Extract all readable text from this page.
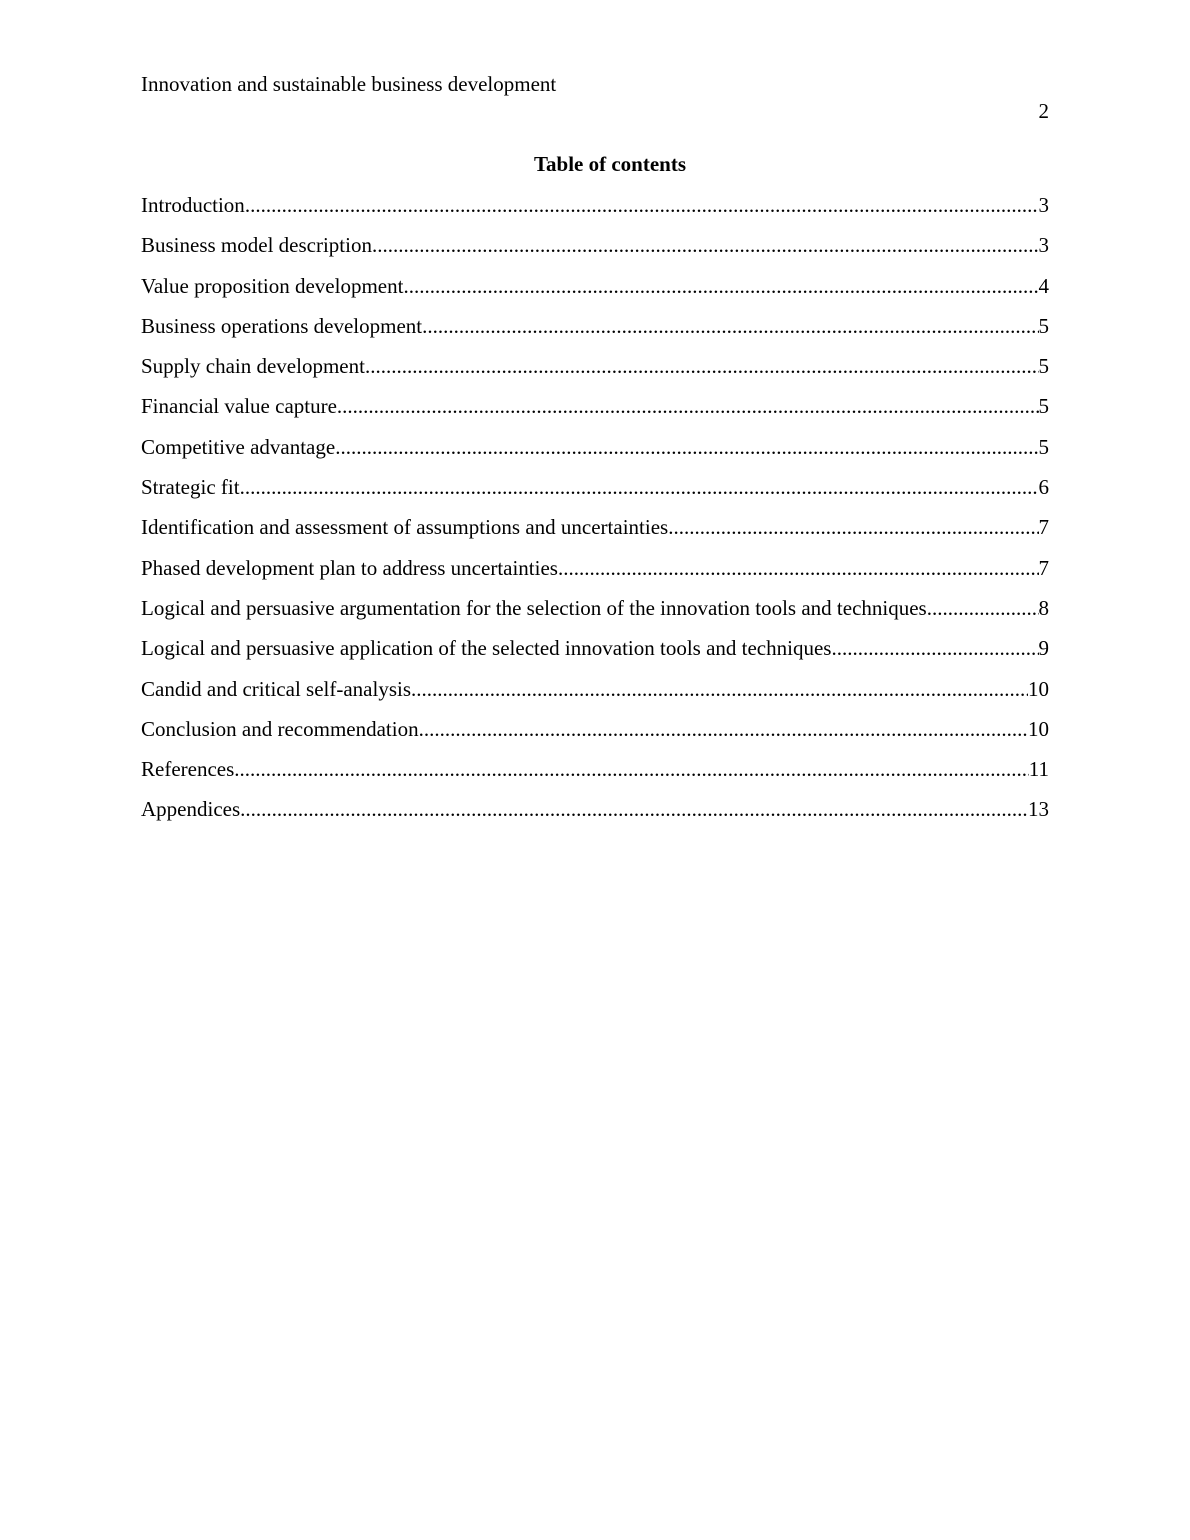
Innovation and sustainable business development
2
Table of contents
Introduction .....	3
Business model description .....	3
Value proposition development .....	4
Business operations development .....	5
Supply chain development .....	5
Financial value capture .....	5
Competitive advantage .....	5
Strategic fit .....	6
Identification and assessment of assumptions and uncertainties .....	7
Phased development plan to address uncertainties .....	7
Logical and persuasive argumentation for the selection of the innovation tools and techniques .....	8
Logical and persuasive application of the selected innovation tools and techniques .....	9
Candid and critical self-analysis .....	10
Conclusion and recommendation .....	10
References .....	11
Appendices .....	13
